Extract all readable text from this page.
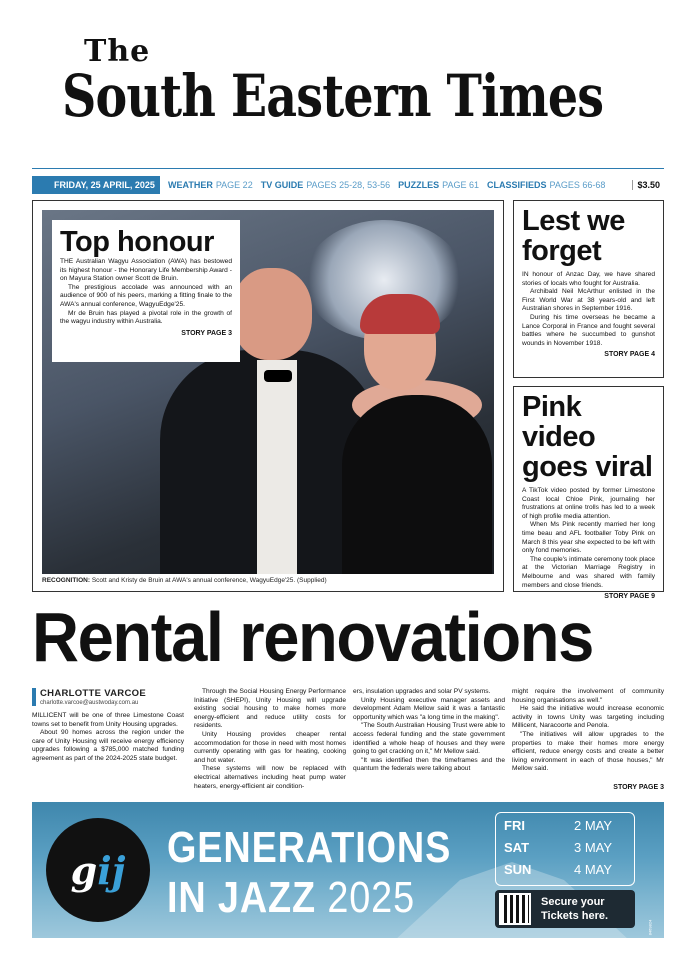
The
South Eastern Times
FRIDAY, 25 APRIL, 2025	WEATHER PAGE 22 TV GUIDE PAGES 25-28, 53-56 PUZZLES PAGE 61 CLASSIFIEDS PAGES 66-68	$3.50
RECOGNITION: Scott and Kristy de Bruin at AWA's annual conference, WagyuEdge'25. (Supplied)
Top honour

THE Australian Wagyu Association (AWA) has bestowed its highest honour - the Honorary Life Membership Award - on Mayura Station owner Scott de Bruin.

The prestigious accolade was announced with an audience of 900 of his peers, marking a fitting finale to the AWA's annual conference, WagyuEdge'25.

Mr de Bruin has played a pivotal role in the growth of the wagyu industry within Australia.

STORY PAGE 3
Lest we
forget

IN honour of Anzac Day, we have shared stories of locals who fought for Australia.

Archibald Neil McArthur enlisted in the First World War at 38 years-old and left Australian shores in September 1916.

During his time overseas he became a Lance Corporal in France and fought several battles where he succumbed to gunshot wounds in November 1918.

STORY PAGE 4
Pink video
goes viral

A TikTok video posted by former Limestone Coast local Chloe Pink, journaling her frustrations at online trolls has led to a week of high profile media attention.

When Ms Pink recently married her long time beau and AFL footballer Toby Pink on March 8 this year she expected to be left with only fond memories.

The couple's intimate ceremony took place at the Victorian Marriage Registry in Melbourne and was shared with family members and close friends.

STORY PAGE 9
Rental renovations
CHARLOTTE VARCOE
charlotte.varcoe@austwoday.com.au

MILLICENT will be one of three Limestone Coast towns set to benefit from Unity Housing upgrades.

About 90 homes across the region under the care of Unity Housing will receive energy efficiency upgrades following a $785,000 matched funding agreement as part of the 2024-2025 state budget.

Through the Social Housing Energy Performance Initiative (SHEPI), Unity Housing will upgrade existing social housing to make homes more energy-efficient and reduce utility costs for residents.

Unity Housing provides cheaper rental accommodation for those in need with most homes currently operating with gas for heating, cooking and hot water.

These systems will now be replaced with electrical alternatives including heat pump water heaters, energy-efficient air condition-

ers, insulation upgrades and solar PV systems.

Unity Housing executive manager assets and development Adam Mellow said it was a fantastic opportunity which was "a long time in the making".

"The South Australian Housing Trust were able to access federal funding and the state government identified a whole heap of houses and they were going to get cracking on it," Mr Mellow said.

"It was identified then the timeframes and the quantum the federals were talking about

might require the involvement of community housing organisations as well."

He said the initiative would increase economic activity in towns Unity was targeting including Millicent, Naracoorte and Penola.

"The initiatives will allow upgrades to the properties to make their homes more energy efficient, reduce energy costs and create a better living environment in each of those houses," Mr Mellow said.

STORY PAGE 3
g ij GENERATIONS
IN JAZZ 2025
FRI	2 MAY
SAT	3 MAY
SUN	4 MAY
Secure your
Tickets here.
8469824
